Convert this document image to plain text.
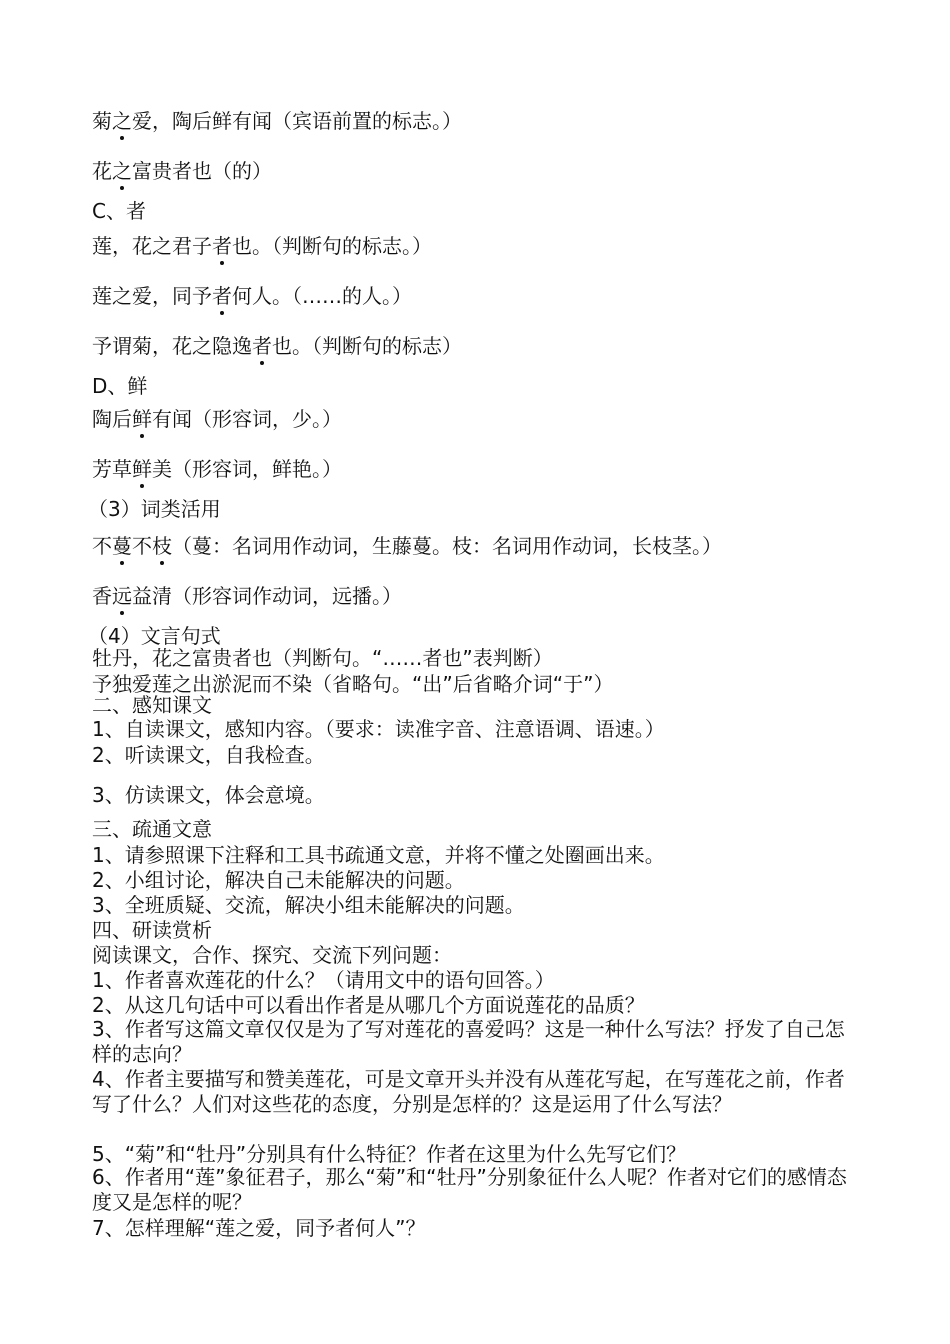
菊之爱，陶后鲜有闻（宾语前置的标志。）
花之富贵者也（的）
C、者
莲，花之君子者也。（判断句的标志。）
莲之爱，同予者何人。（……的人。）
予谓菊，花之隐逸者也。（判断句的标志）
D、鲜
陶后鲜有闻（形容词，少。）
芳草鲜美（形容词，鲜艳。）
（3）词类活用
不蔓不枝（蔓：名词用作动词，生藤蔓。枝：名词用作动词，长枝茎。）
香远益清（形容词作动词，远播。）
（4）文言句式
牡丹，花之富贵者也（判断句。“……者也”表判断）
予独爱莲之出淤泥而不染（省略句。“出”后省略介词“于”）
二、感知课文
1、自读课文，感知内容。（要求：读准字音、注意语调、语速。）
2、听读课文，自我检查。
3、仿读课文，体会意境。
三、疏通文意
1、请参照课下注释和工具书疏通文意，并将不懂之处圈画出来。
2、小组讨论，解决自己未能解决的问题。
3、全班质疑、交流，解决小组未能解决的问题。
四、研读赏析
阅读课文，合作、探究、交流下列问题：
1、作者喜欢莲花的什么？（请用文中的语句回答。）
2、从这几句话中可以看出作者是从哪几个方面说莲花的品质？
3、作者写这篇文章仅仅是为了写对莲花的喜爱吗？这是一种什么写法？抒发了自己怎样的志向？
4、作者主要描写和赞美莲花，可是文章开头并没有从莲花写起，在写莲花之前，作者写了什么？人们对这些花的态度，分别是怎样的？这是运用了什么写法？
5、“菊”和“牡丹”分别具有什么特征？作者在这里为什么先写它们？
6、作者用“莲”象征君子，那么“菊”和“牡丹”分别象征什么人呢？作者对它们的感情态度又是怎样的呢？
7、怎样理解“莲之爱，同予者何人”？
